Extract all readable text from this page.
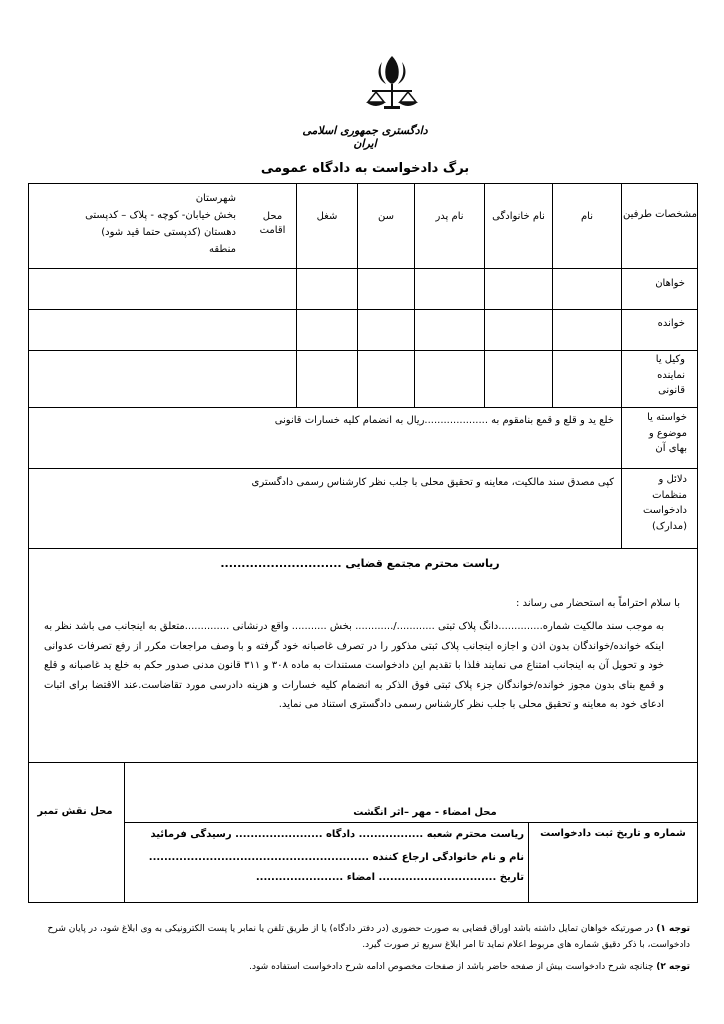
دادگستری جمهوری اسلامی ایران
برگ دادخواست به دادگاه عمومی
مشخصات طرفین
نام
نام خانوادگی
نام پدر
سن
شغل
محل اقامت
شهرستان
بخش خیابان- کوچه - پلاک – کدپستی
دهستان (کدپستی حتما قید شود)
منطقه
خواهان
خوانده
وکیل یا
نماینده
قانونی
خواسته یا
موضوع و
بهای آن
خلع ید و قلع و قمع بنامقوم به ....................ریال به انضمام کلیه خسارات قانونی
دلائل و
منظمات
دادخواست
(مدارک)
کپی مصدق سند مالکیت، معاینه و تحقیق محلی با جلب نظر کارشناس رسمی دادگستری
ریاست محترم مجتمع قضایی .............................
با سلام احتراماً به استحضار می رساند :
به موجب سند مالکیت شماره..............دانگ پلاک ثبتی ............/............ بخش ........... واقع درنشانی ..............متعلق به اینجانب می باشد نظر به اینکه خوانده/خواندگان بدون اذن و اجازه اینجانب پلاک ثبتی مذکور را در تصرف غاصبانه خود گرفته و با وصف مراجعات مکرر از رفع تصرفات عدوانی خود و تحویل آن به اینجانب امتناع می نمایند فلذا با تقدیم این دادخواست مستندات به ماده ۳۰۸ و ۳۱۱ قانون مدنی صدور حکم به خلع ید غاصبانه و قلع و قمع بنای بدون مجوز خوانده/خواندگان جزء پلاک ثبتی فوق الذکر به انضمام کلیه خسارات و هزینه دادرسی مورد تقاضاست.عند الاقتضا برای اثبات ادعای خود به معاینه و تحقیق محلی با جلب نظر کارشناس رسمی دادگستری استناد می نماید.
محل نقش تمبر	محل امضاء - مهر –اثر انگشت
شماره و تاریخ ثبت دادخواست
ریاست محترم شعبه ................. دادگاه ....................... رسیدگی فرمائید
نام و نام خانوادگی ارجاع کننده ..........................................................
تاریخ ............................... امضاء .......................
توجه ۱) در صورتیکه خواهان تمایل داشته باشد اوراق قضایی به صورت حضوری (در دفتر دادگاه) یا از طریق تلفن یا نمابر یا پست الکترونیکی به وی ابلاغ شود، در پایان شرح دادخواست، با ذکر دقیق شماره های مربوط اعلام نماید تا امر ابلاغ سریع تر صورت گیرد.
توجه ۲) چنانچه شرح دادخواست بیش از صفحه حاضر باشد از صفحات مخصوص ادامه شرح دادخواست استفاده شود.
